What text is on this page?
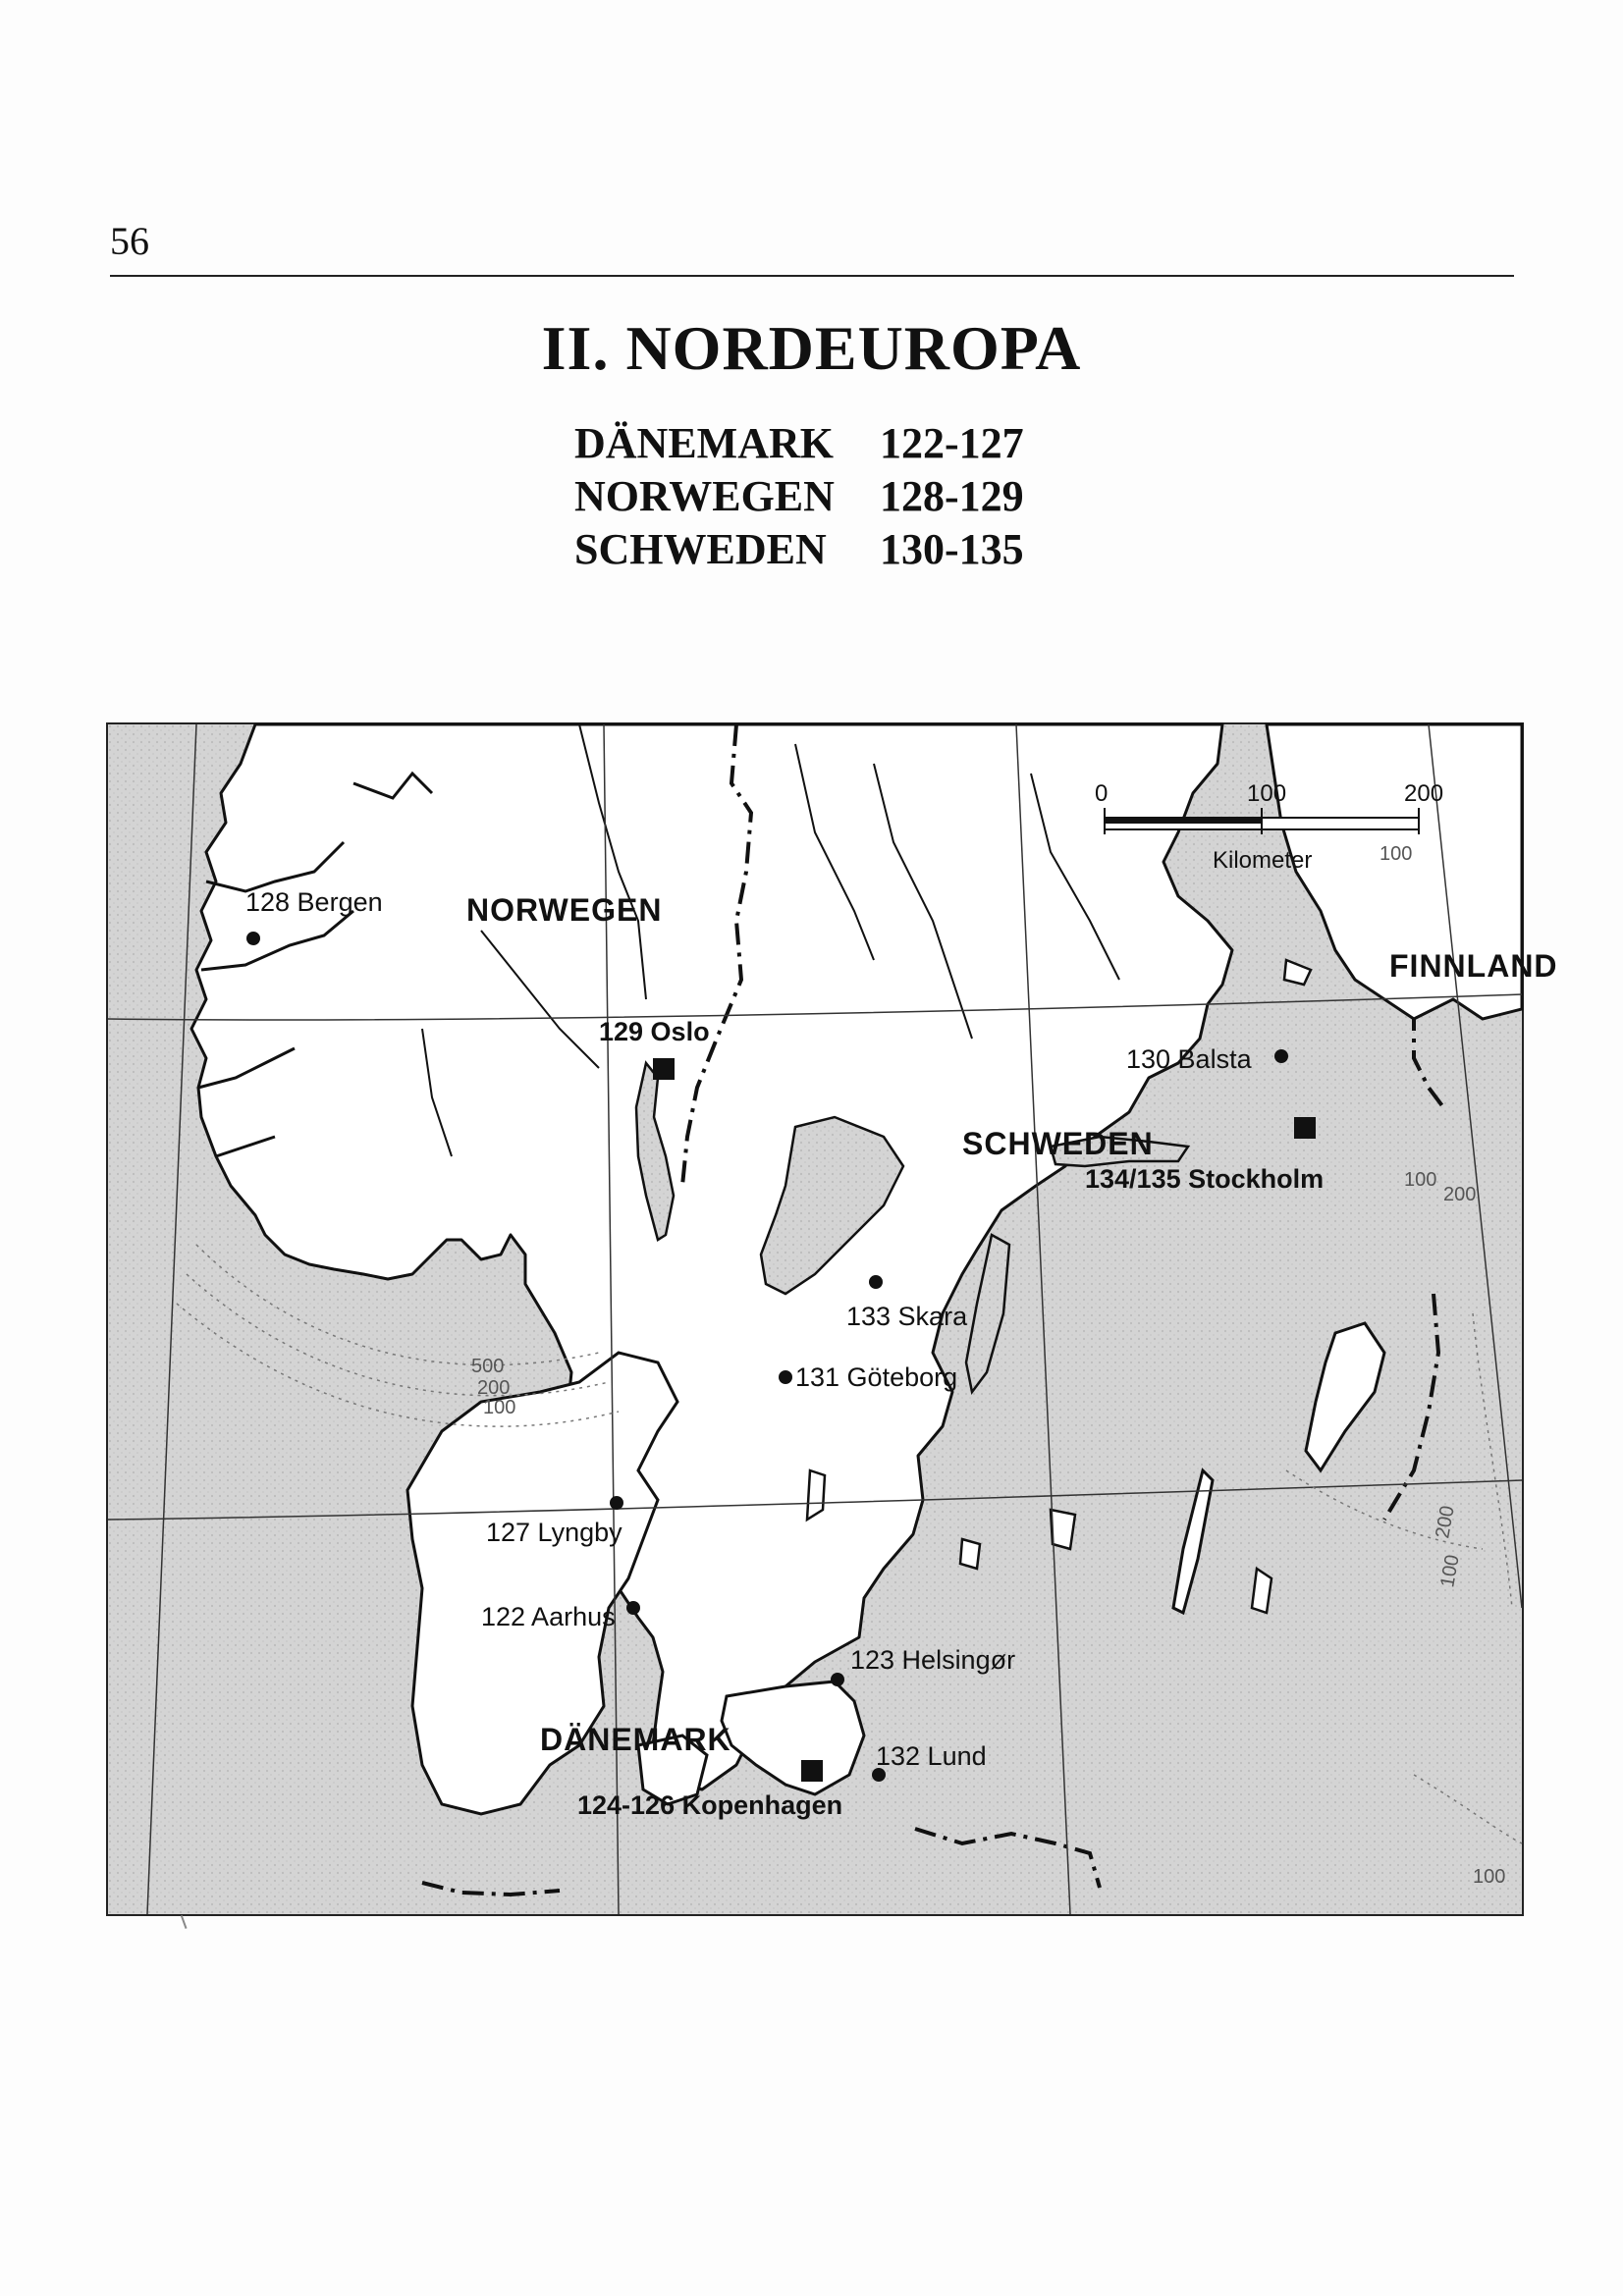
56
II. NORDEUROPA
DÄNEMARK 122-127
NORWEGEN 128-129
SCHWEDEN 130-135
0	100	200
Kilometer
500
200
100
100
100
200
200
100
100
NORWEGEN
SCHWEDEN
DÄNEMARK
FINNLAND
128 Bergen
129 Oslo
130 Balsta
134/135 Stockholm
133 Skara
131 Göteborg
127 Lyngby
122 Aarhus
123 Helsingør
132 Lund
124-126 Kopenhagen
